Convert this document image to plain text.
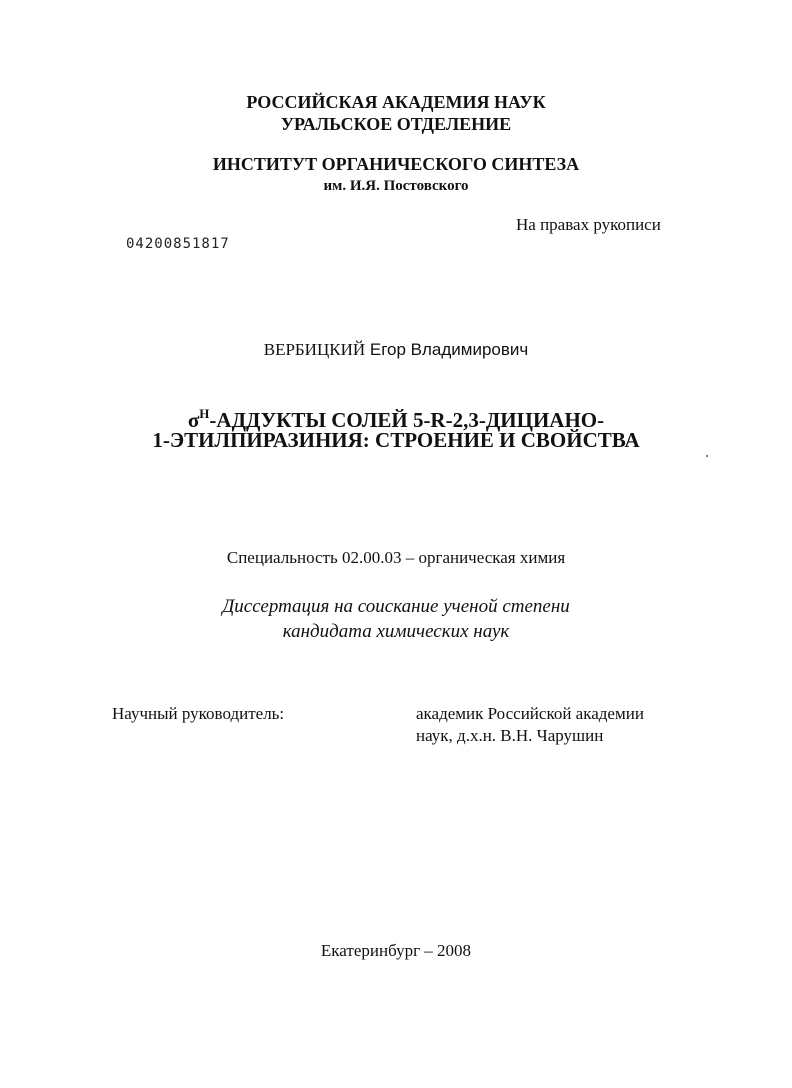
РОССИЙСКАЯ АКАДЕМИЯ НАУК
УРАЛЬСКОЕ ОТДЕЛЕНИЕ
ИНСТИТУТ ОРГАНИЧЕСКОГО СИНТЕЗА
им. И.Я. Постовского
На правах рукописи
04200851817
ВЕРБИЦКИЙ Егор Владимирович
$\sigma^H$-АДДУКТЫ СОЛЕЙ 5-R-2,3-ДИЦИАНО-
1-ЭТИЛПИРАЗИНИЯ: СТРОЕНИЕ И СВОЙСТВА
Специальность 02.00.03 – органическая химия
Диссертация на соискание ученой степени
кандидата химических наук
Научный руководитель:	академик Российской академии
наук, д.х.н. В.Н. Чарушин
Екатеринбург – 2008
